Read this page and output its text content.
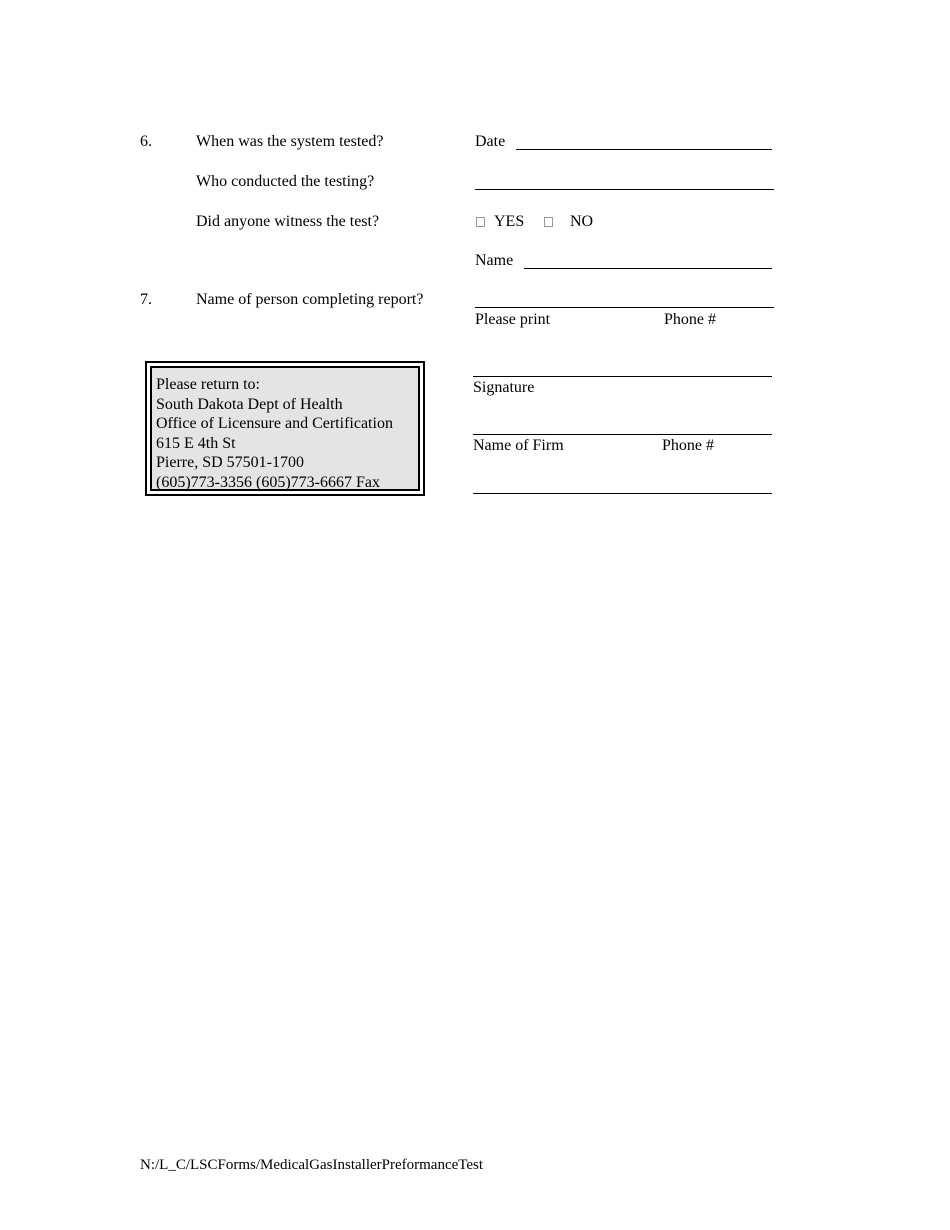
6.	When was the system tested?	Date
Who conducted the testing?
Did anyone witness the test?	YES	NO
Name
7.	Name of person completing report?
Please print	Phone #
Signature
Name of Firm	Phone #
Please return to:
South Dakota Dept of Health
Office of Licensure and Certification
615 E 4th St
Pierre, SD 57501-1700
(605)773-3356 (605)773-6667 Fax
N:/L_C/LSCForms/MedicalGasInstallerPreformanceTest
